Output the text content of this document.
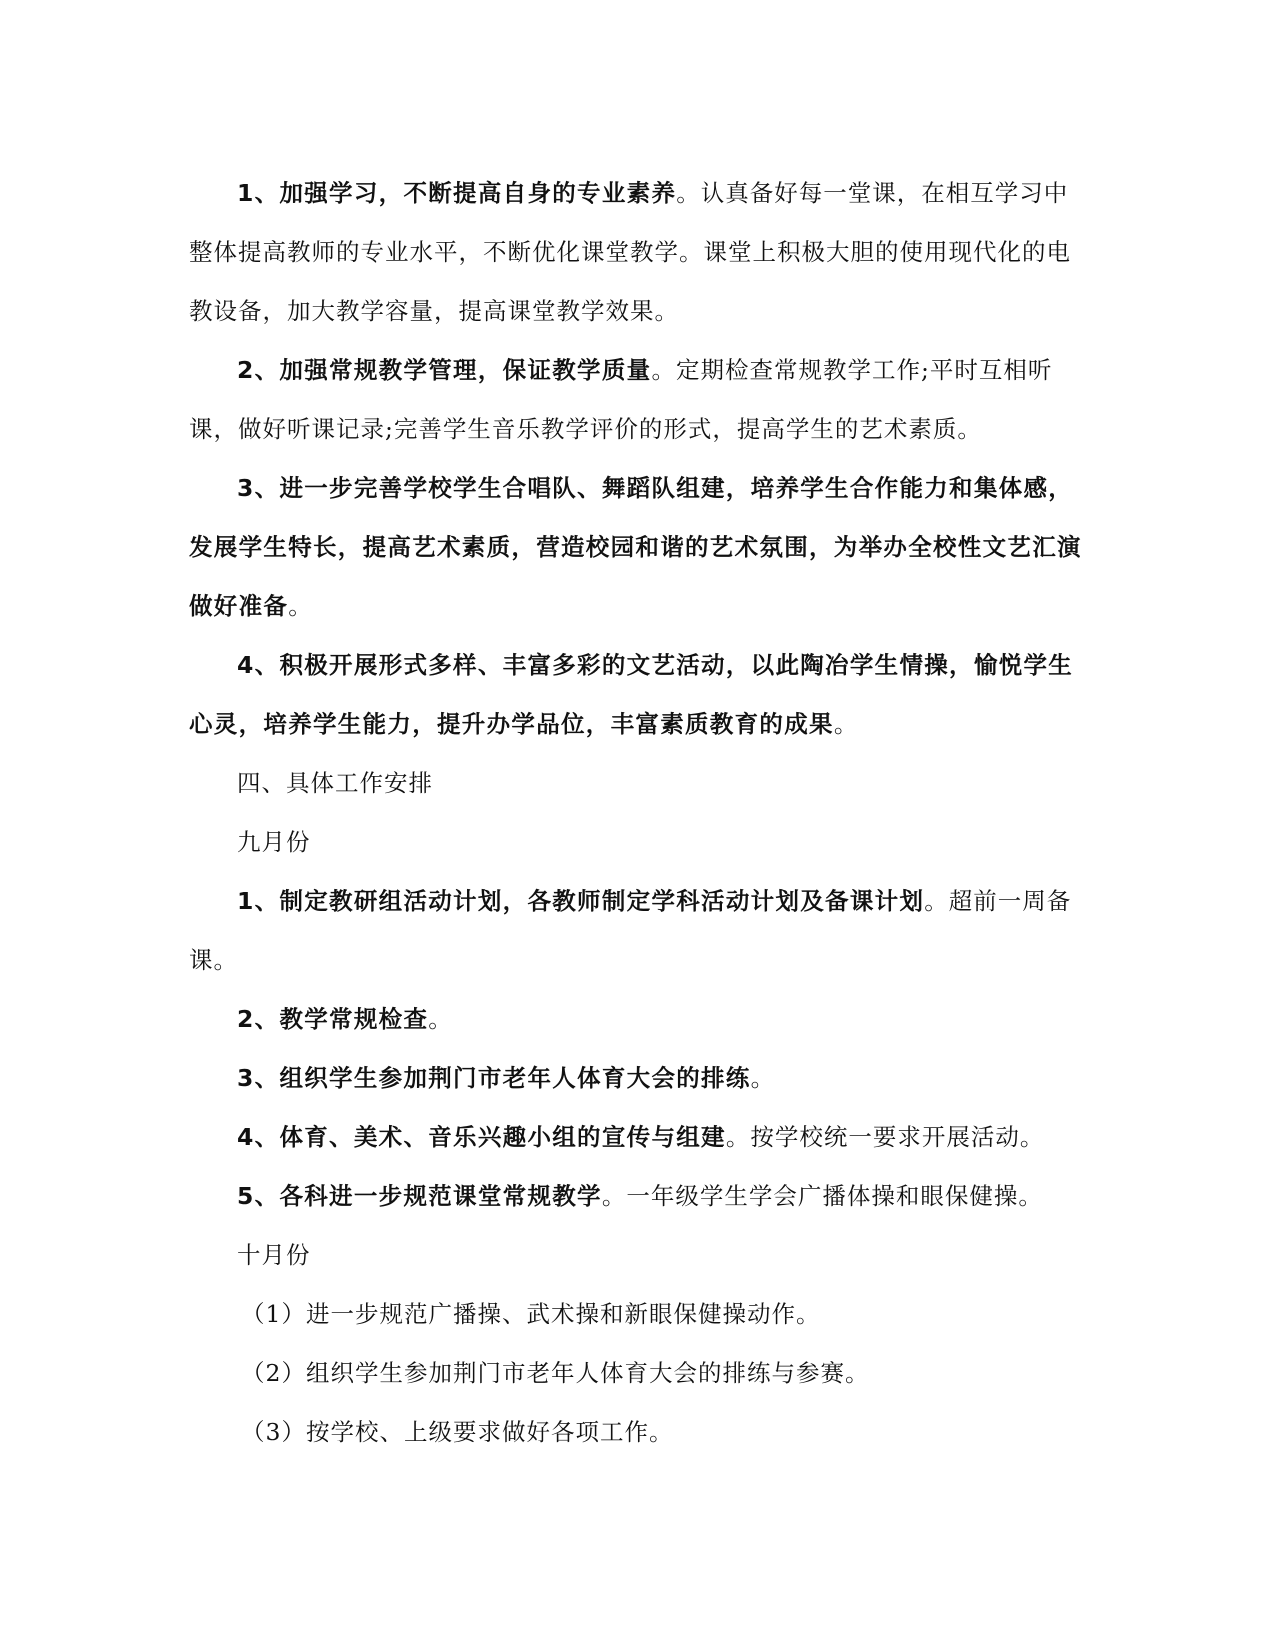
1、加强学习，不断提高自身的专业素养。认真备好每一堂课，在相互学习中整体提高教师的专业水平，不断优化课堂教学。课堂上积极大胆的使用现代化的电教设备，加大教学容量，提高课堂教学效果。

2、加强常规教学管理，保证教学质量。定期检查常规教学工作;平时互相听课，做好听课记录;完善学生音乐教学评价的形式，提高学生的艺术素质。

3、进一步完善学校学生合唱队、舞蹈队组建，培养学生合作能力和集体感，发展学生特长，提高艺术素质，营造校园和谐的艺术氛围，为举办全校性文艺汇演做好准备。

4、积极开展形式多样、丰富多彩的文艺活动，以此陶冶学生情操，愉悦学生心灵，培养学生能力，提升办学品位，丰富素质教育的成果。

四、具体工作安排

九月份

1、制定教研组活动计划，各教师制定学科活动计划及备课计划。超前一周备课。

2、教学常规检查。

3、组织学生参加荆门市老年人体育大会的排练。

4、体育、美术、音乐兴趣小组的宣传与组建。按学校统一要求开展活动。

5、各科进一步规范课堂常规教学。一年级学生学会广播体操和眼保健操。

十月份

（1）进一步规范广播操、武术操和新眼保健操动作。

（2）组织学生参加荆门市老年人体育大会的排练与参赛。

（3）按学校、上级要求做好各项工作。
